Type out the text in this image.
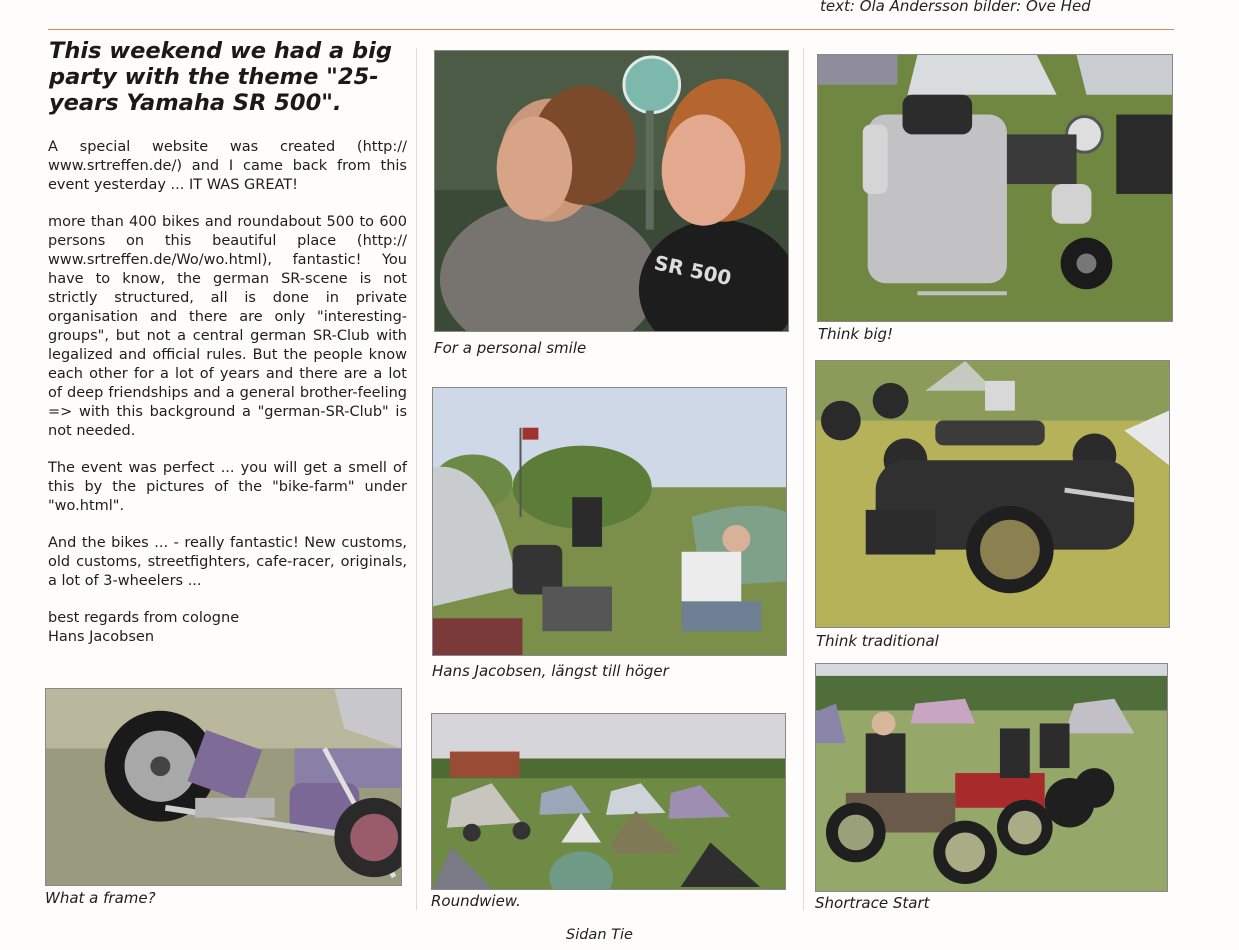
text: Ola Andersson bilder: Ove Hed
This weekend we had a big
party with the theme "25-
years Yamaha SR 500".

A special website was created (http:// www.srtreffen.de/) and I came back from this event yesterday ... IT WAS GREAT!

more than 400 bikes and roundabout 500 to 600 persons on this beautiful place (http:// www.srtreffen.de/Wo/wo.html), fantastic! You have to know, the german SR-scene is not strictly structured, all is done in private organisation and there are only "interesting-groups", but not a central german SR-Club with legalized and official rules. But the people know each other for a lot of years and there are a lot of deep friendships and a general brother-feeling => with this background a "german-SR-Club" is not needed.

The event was perfect ... you will get a smell of this by the pictures of the "bike-farm" under "wo.html".

And the bikes ... - really fantastic! New customs, old customs, streetfighters, cafe-racer, originals, a lot of 3-wheelers ...

best regards from cologne

Hans Jacobsen

What a frame?
SR 500
For a personal smile
Hans Jacobsen, längst till höger
Roundwiew.
Think big!
Think traditional
Shortrace Start
Sidan Tie
